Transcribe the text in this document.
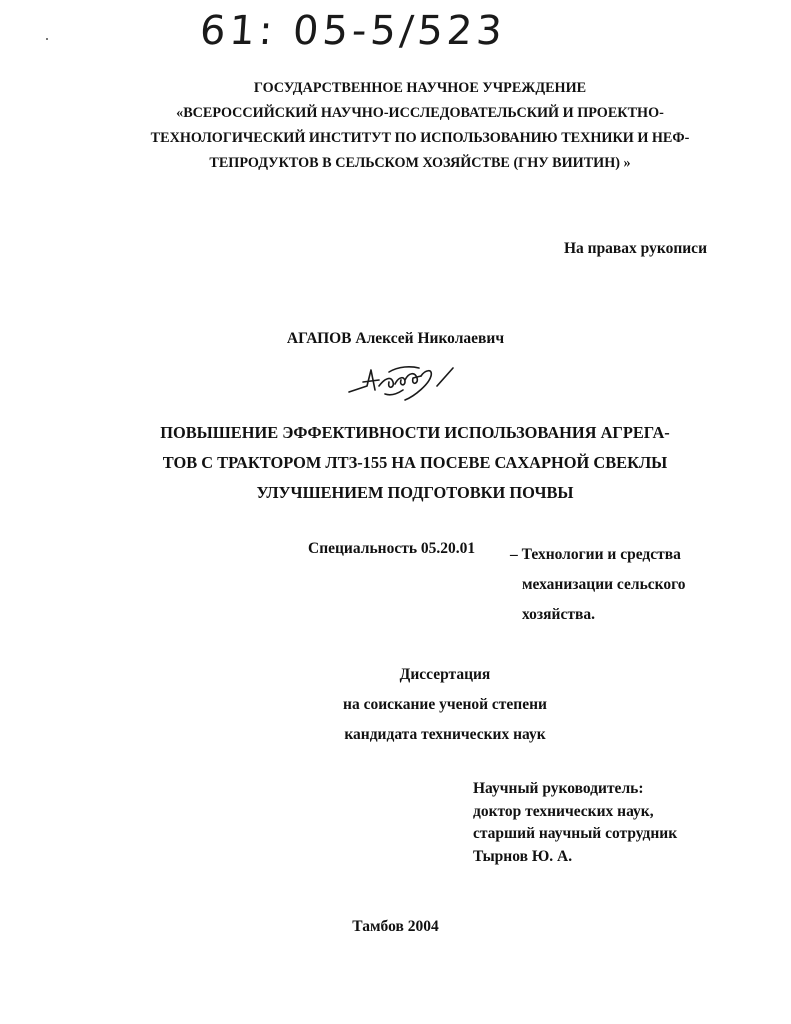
61: 05-5/523
ГОСУДАРСТВЕННОЕ НАУЧНОЕ УЧРЕЖДЕНИЕ
«ВСЕРОССИЙСКИЙ НАУЧНО-ИССЛЕДОВАТЕЛЬСКИЙ И ПРОЕКТНО-
ТЕХНОЛОГИЧЕСКИЙ ИНСТИТУТ ПО ИСПОЛЬЗОВАНИЮ ТЕХНИКИ И НЕФ-
ТЕПРОДУКТОВ В СЕЛЬСКОМ ХОЗЯЙСТВЕ (ГНУ ВИИТИН) »
На правах рукописи
АГАПОВ Алексей Николаевич
ПОВЫШЕНИЕ ЭФФЕКТИВНОСТИ ИСПОЛЬЗОВАНИЯ АГРЕГА-
ТОВ С ТРАКТОРОМ ЛТЗ-155 НА ПОСЕВЕ САХАРНОЙ СВЕКЛЫ
УЛУЧШЕНИЕМ ПОДГОТОВКИ ПОЧВЫ
Специальность 05.20.01 – Технологии и средства
механизации сельского
хозяйства.
Диссертация
на соискание ученой степени
кандидата технических наук
Научный руководитель:
доктор технических наук,
старший научный сотрудник
Тырнов Ю. А.
Тамбов 2004
